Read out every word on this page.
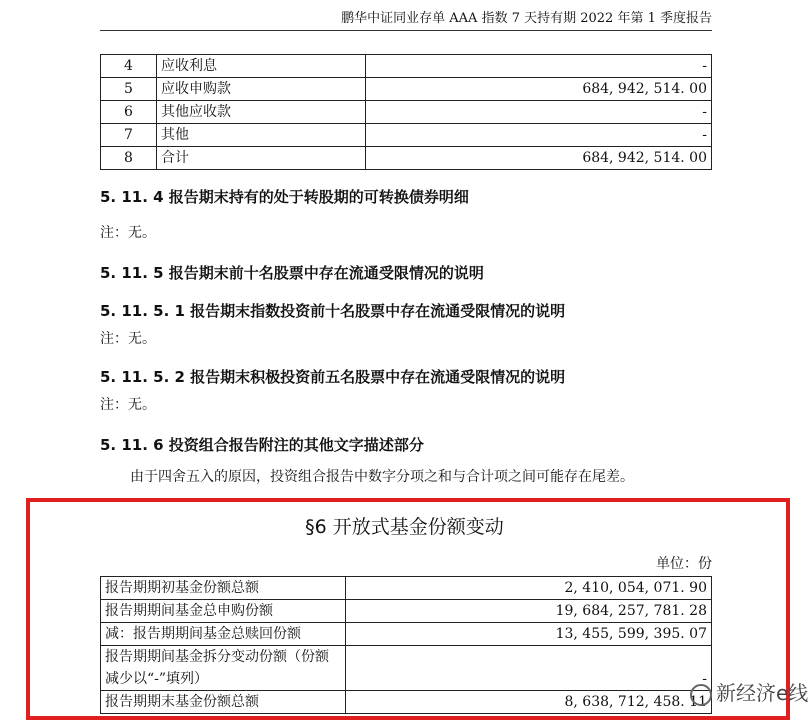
鹏华中证同业存单 AAA 指数 7 天持有期 2022 年第 1 季度报告
4	应收利息	-
5	应收申购款	684, 942, 514. 00
6	其他应收款	-
7	其他	-
8	合计	684, 942, 514. 00
5. 11. 4 报告期末持有的处于转股期的可转换债券明细
注：无。
5. 11. 5 报告期末前十名股票中存在流通受限情况的说明
5. 11. 5. 1 报告期末指数投资前十名股票中存在流通受限情况的说明
注：无。
5. 11. 5. 2 报告期末积极投资前五名股票中存在流通受限情况的说明
注：无。
5. 11. 6 投资组合报告附注的其他文字描述部分
由于四舍五入的原因，投资组合报告中数字分项之和与合计项之间可能存在尾差。
§6 开放式基金份额变动
单位：份
报告期期初基金份额总额	2, 410, 054, 071. 90
报告期期间基金总申购份额	19, 684, 257, 781. 28
减：报告期期间基金总赎回份额	13, 455, 599, 395. 07
报告期期间基金拆分变动份额（份额减少以“-”填列）	-
报告期期末基金份额总额	8, 638, 712, 458. 11 新经济e线
